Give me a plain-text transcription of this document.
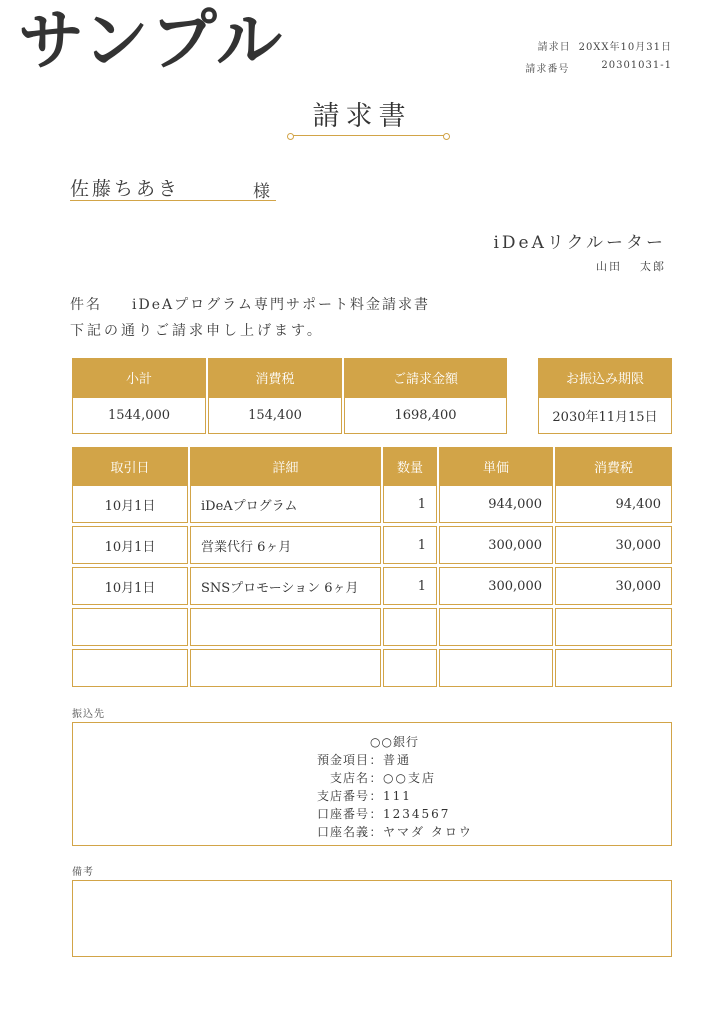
サンプル	請求日 20XX年10月31日
請求番号	20301031-1
請求書
佐藤ちあき	様
iDeAリクルーター
山田 太郎
件名	iDeAプログラム専門サポート料金請求書
下記の通りご請求申し上げます。
小計	消費税	ご請求金額	お振込み期限
1544,000	154,400	1698,400	2030年11月15日
取引日	詳細	数量	単価	消費税
10月1日	iDeAプログラム	1	944,000	94,400
10月1日	営業代行 6ヶ月	1	300,000	30,000
10月1日	SNSプロモーション 6ヶ月	1	300,000	30,000
振込先
○○銀行
預金項目 ： 普通
支店名 ： ○○支店
支店番号 ： 111
口座番号 ： 1234567
口座名義 ： ヤマダ タロウ
備考
